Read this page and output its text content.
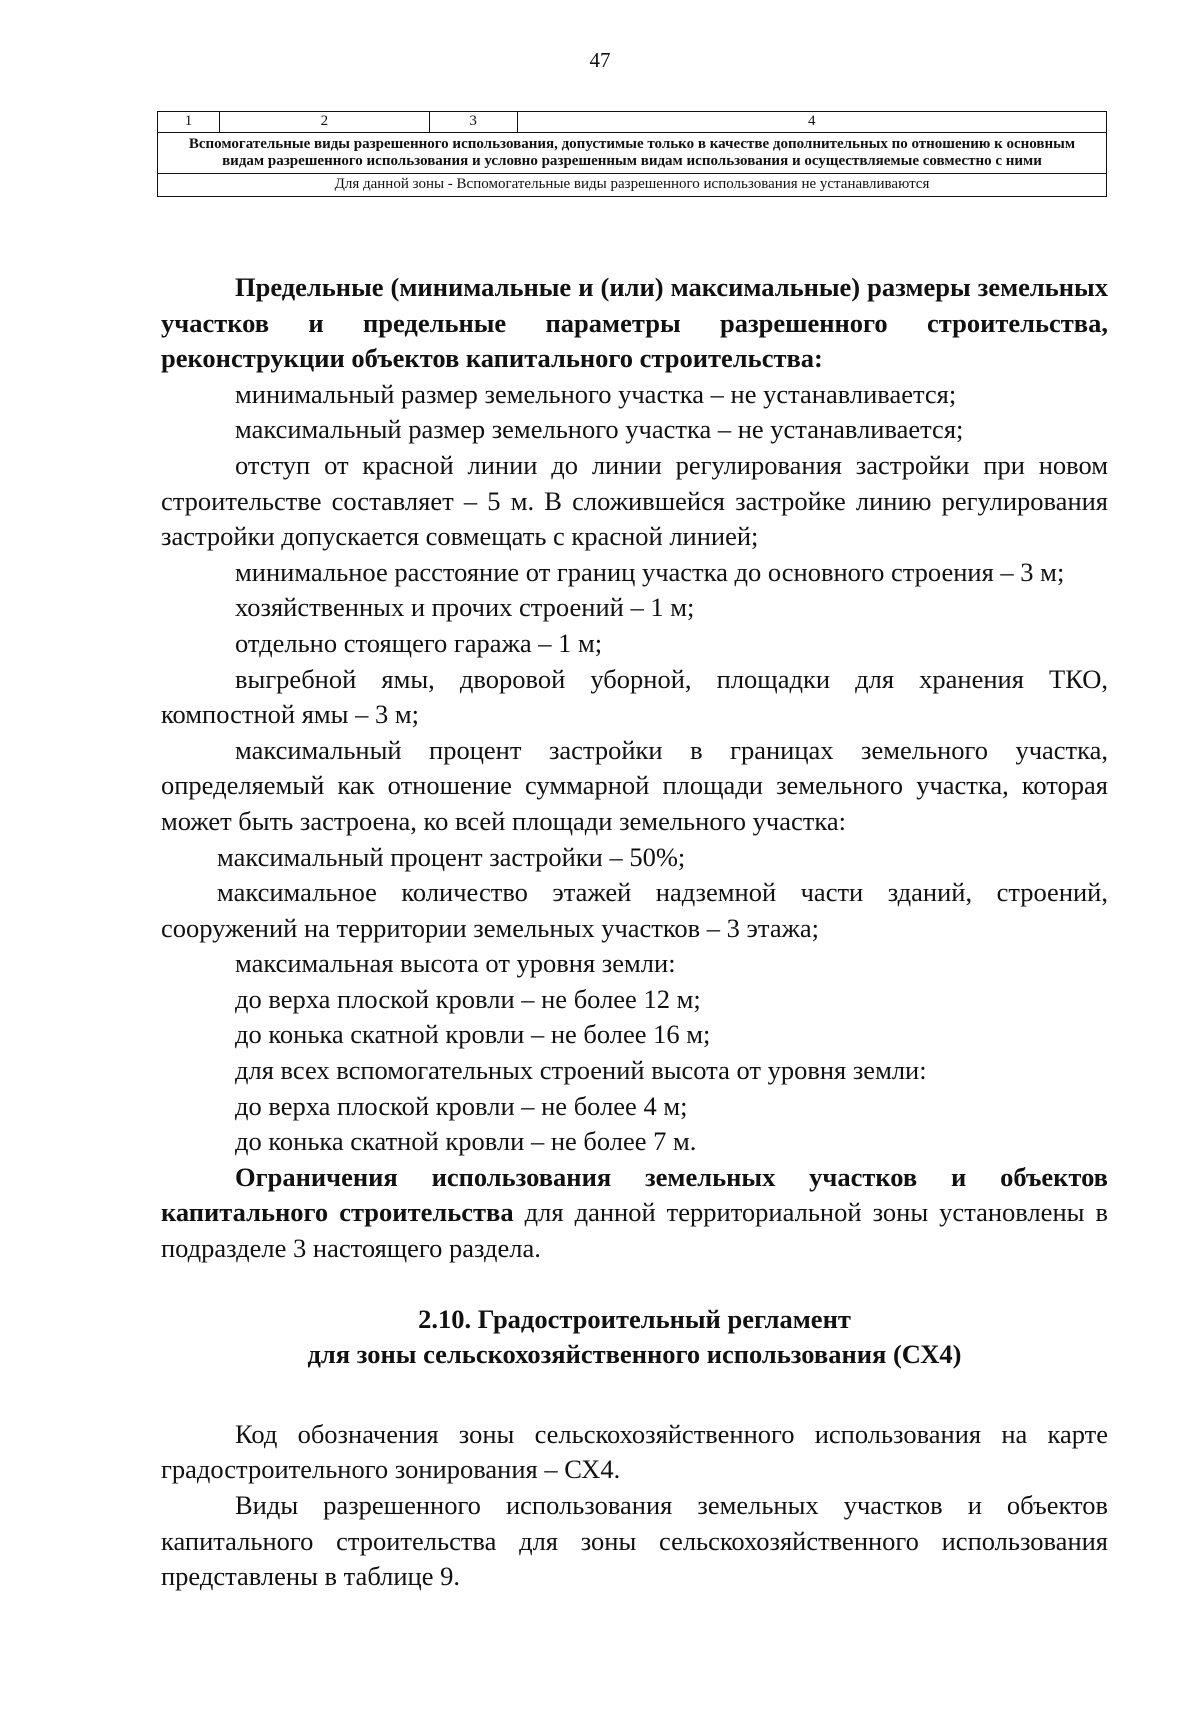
47
1	2	3	4
Вспомогательные виды разрешенного использования, допустимые только в качестве дополнительных по отношению к основным видам разрешенного использования и условно разрешенным видам использования и осуществляемые совместно с ними
Для данной зоны - Вспомогательные виды разрешенного использования не устанавливаются

Предельные (минимальные и (или) максимальные) размеры земельных участков и предельные параметры разрешенного строительства, реконструкции объектов капитального строительства:

минимальный размер земельного участка – не устанавливается;

максимальный размер земельного участка – не устанавливается;

отступ от красной линии до линии регулирования застройки при новом строительстве составляет – 5 м. В сложившейся застройке линию регулирования застройки допускается совмещать с красной линией;

минимальное расстояние от границ участка до основного строения – 3 м;

хозяйственных и прочих строений – 1 м;

отдельно стоящего гаража – 1 м;

выгребной ямы, дворовой уборной, площадки для хранения ТКО, компостной ямы – 3 м;

максимальный процент застройки в границах земельного участка, определяемый как отношение суммарной площади земельного участка, которая может быть застроена, ко всей площади земельного участка:

максимальный процент застройки – 50%;

максимальное количество этажей надземной части зданий, строений, сооружений на территории земельных участков – 3 этажа;

максимальная высота от уровня земли:

до верха плоской кровли – не более 12 м;

до конька скатной кровли – не более 16 м;

для всех вспомогательных строений высота от уровня земли:

до верха плоской кровли – не более 4 м;

до конька скатной кровли – не более 7 м.

Ограничения использования земельных участков и объектов капитального строительства для данной территориальной зоны установлены в подразделе 3 настоящего раздела.

2.10. Градостроительный регламент

для зоны сельскохозяйственного использования (СХ4)

Код обозначения зоны сельскохозяйственного использования на карте градостроительного зонирования – СХ4.

Виды разрешенного использования земельных участков и объектов капитального строительства для зоны сельскохозяйственного использования представлены в таблице 9.
